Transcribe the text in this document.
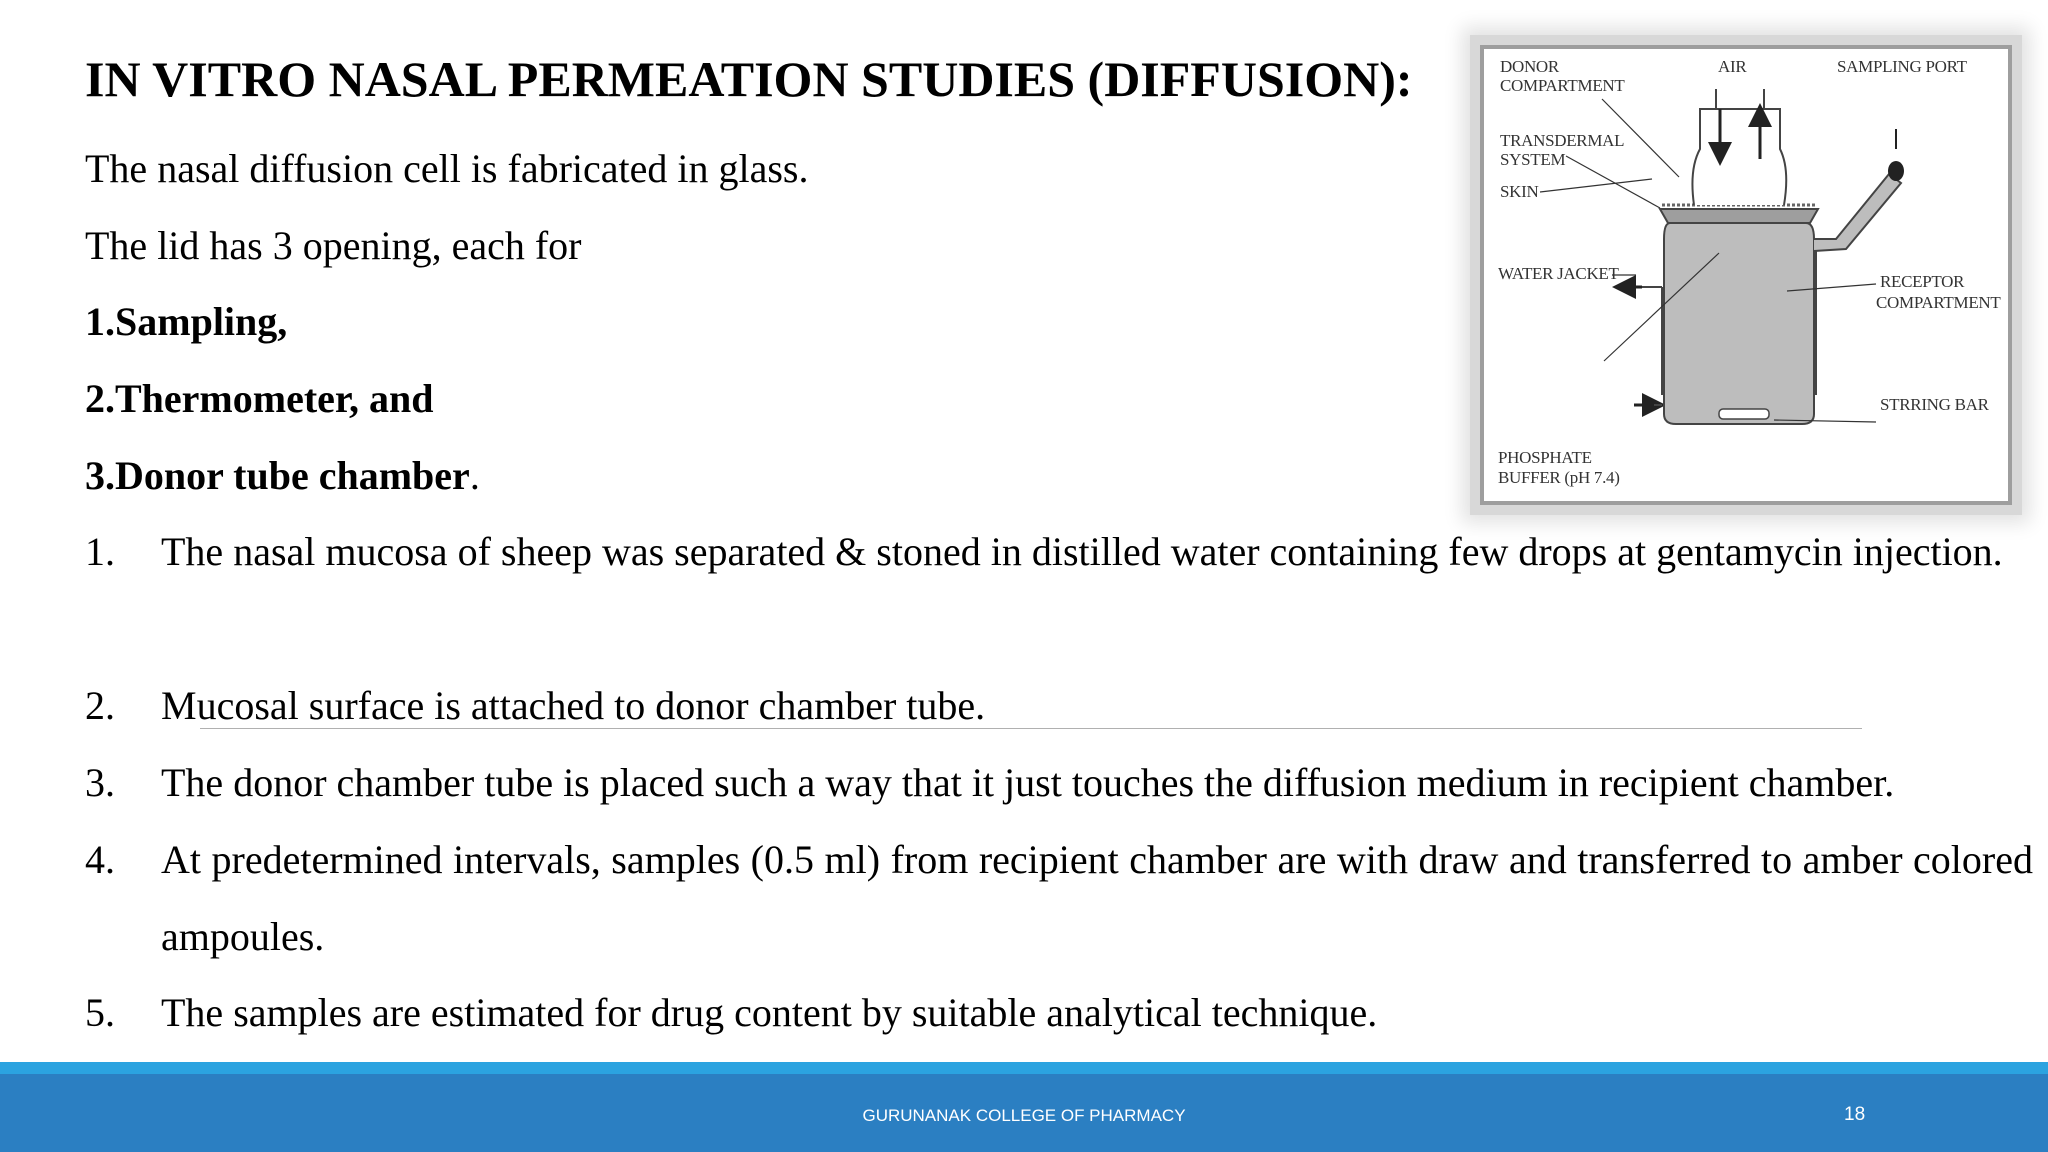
IN VITRO NASAL PERMEATION STUDIES (DIFFUSION):
The nasal diffusion cell is fabricated in glass.
The lid has 3 opening, each for
1.Sampling,
2.Thermometer, and
3.Donor tube chamber.
1. The nasal mucosa of sheep was separated & stoned in distilled water containing few drops at gentamycin injection.
2. Mucosal surface is attached to donor chamber tube.
3. The donor chamber tube is placed such a way that it just touches the diffusion medium in recipient chamber.
4. At predetermined intervals, samples (0.5 ml) from recipient chamber are with draw and transferred to amber colored ampoules.
5. The samples are estimated for drug content by suitable analytical technique.
DONOR
COMPARTMENT
AIR	SAMPLING PORT
TRANSDERMAL
SYSTEM
SKIN
RECEPTOR
COMPARTMENT
WATER JACKET
STRRING BAR
PHOSPHATE
BUFFER (pH 7.4)
GURUNANAK COLLEGE OF PHARMACY	18
